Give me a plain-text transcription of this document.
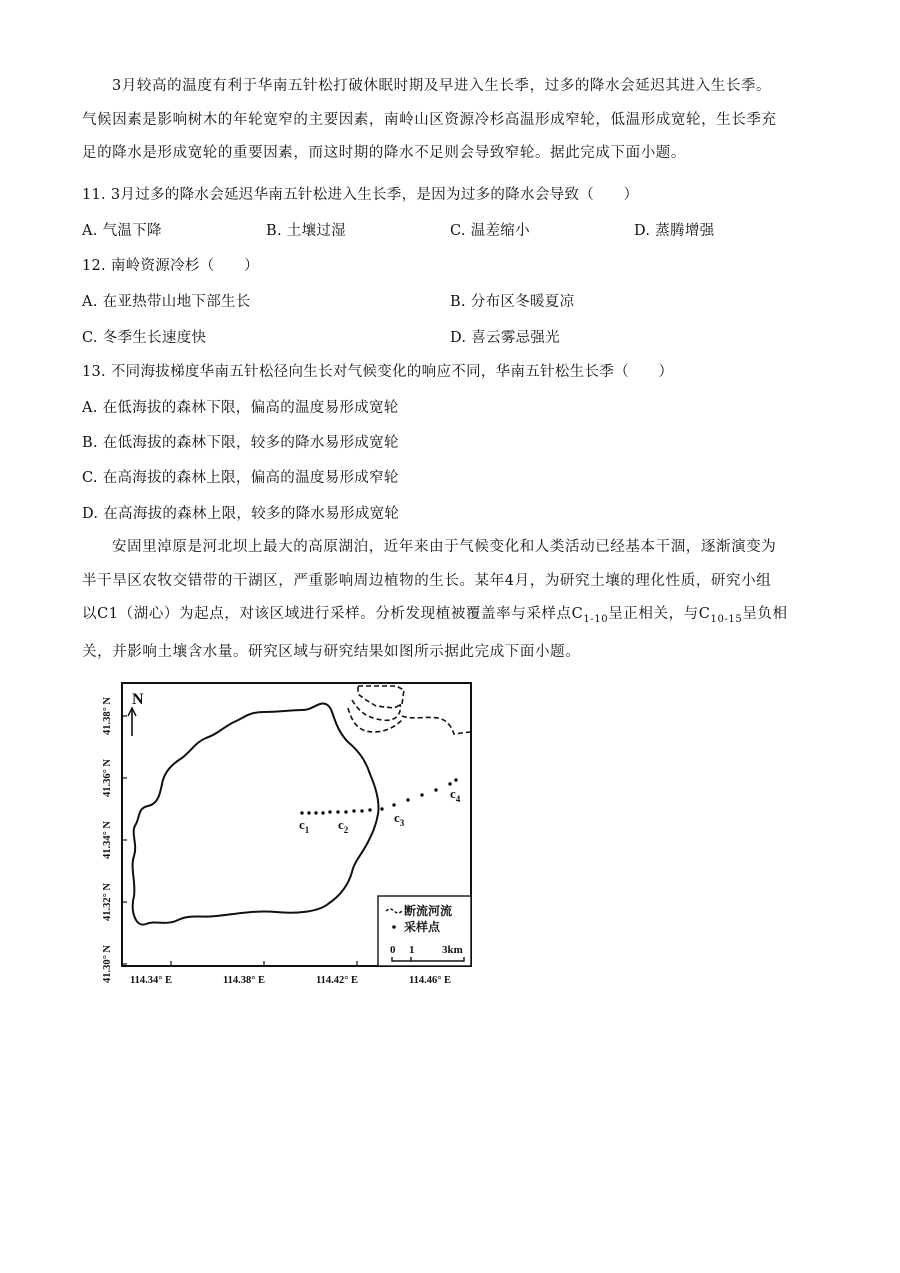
3月较高的温度有利于华南五针松打破休眠时期及早进入生长季，过多的降水会延迟其进入生长季。
气候因素是影响树木的年轮宽窄的主要因素，南岭山区资源冷杉高温形成窄轮，低温形成宽轮，生长季充
足的降水是形成宽轮的重要因素，而这时期的降水不足则会导致窄轮。据此完成下面小题。
11. 3月过多的降水会延迟华南五针松进入生长季，是因为过多的降水会导致（　　）
A. 气温下降	B. 土壤过湿	C. 温差缩小	D. 蒸腾增强
12. 南岭资源冷杉（　　）
A. 在亚热带山地下部生长	B. 分布区冬暖夏凉
C. 冬季生长速度快	D. 喜云雾忌强光
13. 不同海拔梯度华南五针松径向生长对气候变化的响应不同，华南五针松生长季（　　）
A. 在低海拔的森林下限，偏高的温度易形成宽轮
B. 在低海拔的森林下限，较多的降水易形成宽轮
C. 在高海拔的森林上限，偏高的温度易形成窄轮
D. 在高海拔的森林上限，较多的降水易形成宽轮
安固里淖原是河北坝上最大的高原湖泊，近年来由于气候变化和人类活动已经基本干涸，逐渐演变为
半干旱区农牧交错带的干湖区，严重影响周边植物的生长。某年4月，为研究土壤的理化性质，研究小组
以C1（湖心）为起点，对该区域进行采样。分析发现植被覆盖率与采样点$C_{1-10}$呈正相关，与$C_{10-15}$呈负相
关，并影响土壤含水量。研究区域与研究结果如图所示据此完成下面小题。
41.38° N
41.36° N
41.34° N
41.32° N
41.30° N 114.34° E	114.38° E	114.42° E	114.46° E
N
$c_1$ $c_2$
$c_3$
$c_4$
断流河流
采样点
0 1	3km
